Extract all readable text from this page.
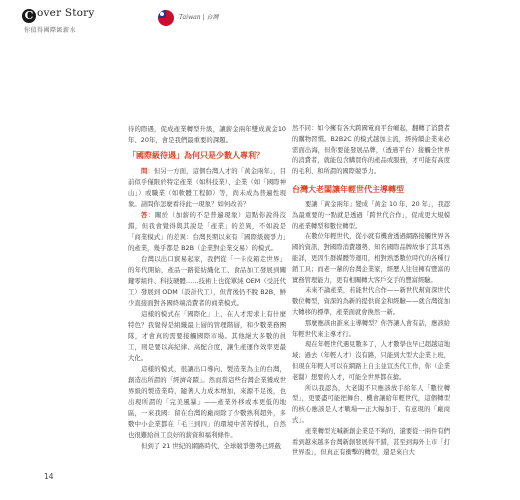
C over Story
你值得國際級薪水
Taiwan | 台灣

待的際遇，促成產業轉型升級，讓薪金兩年雙成黃金10年、20年，會是我們最重要的課題。

「國際級待遇」為何只是少數人專利？

問：但另一方面，這個台灣人才的「黃金兩年」，目前似乎僅限於特定產業（如科技業）、企業（如「國際神山」）或職業（如軟體工程師）等，尚未成為普遍性現象。請問你怎麼看待此一現象？如何改善？

答：關於（加薪的不是普遍現象）這點你說得沒錯，但我會覺得與其說是「產業」的差異，不如說是「商業模式」的差異：台灣長期以來有「國際級競爭力」的產業，幾乎都是 B2B（企業對企業交易）的模式。

台灣以出口貿易起家，我們從「一卡皮箱走世界」的年代開始，產品一路從紡織化工、食品加工發展到關鍵零組件、科技硬體……技術上也從單純 OEM（受託代工）發展到 ODM（設計代工），但背後仍不脫 B2B，鮮少直接面對各國終端消費者的商業模式。

這樣的模式在「國際化」上，在人才需求上有什麼特色？我覺得是組織最上層的管理階層，和少數業務團隊，才會真的需要接觸國際市場。其他絕大多數的員工，則是要以高紀律、高配合度，讓生產運作效率更最大化。

這樣的模式，很讓出口導向、製造業為主的台灣，創造出所謂的「經濟奇蹟」。然而當這些台灣企業獲成世界級的製造業時，隨著人力成本增加，來源不足後，也出現所謂的「完美風暴」——產業外移或本更低的地區，一來我國：留在台灣的廠商除了少數熟利超外，多數中小企業都在「毛三到四」的環境中苦苦撐扎，自然也很難給員工良好的薪資和福利條件。

但到了 21 世紀的網路時代，全球競爭態勢已經截

然不同：如今擁有各大跨國電商平台崛起，翻轉了消費者的購物習慣。B2B2C 的模式越加主流，經持續企業來必需面出海，但你要能發展品牌，（透過平台）接觸全世界的消費者，就能包含購買你的產品或服務，才可能有高度的毛利、和所謂的國際競爭力。

台灣大老闆讓年輕世代主導轉型

要讓「黃金兩年」變成「黃金 10 年、20 年」，我認為最重要的一點就是透過「跨世代合作」，促成更大規模的產業轉型和數位轉型。

在數位年輕世代，從小就有機會透過網路接觸世界各國的資訊，對國際消費趨勢、知名國際品牌故事了其耳熟能詳，更因生群媒體等運用，相對熟悉數位時代的各種行銷工具；而老一輩的台灣企業家，經歷人往往擁有豐富的實務管理能力，更有相關轉大客戶交手的豐富經驗。

未來不論產業，若能世代合作——新世代幫資深世代數位轉型，資深的為新的提供資金和經驗——就合灣從加大轉移的標準，產業面就會換然一新。

那麼應該由誰來主導轉型？你答讓人會有話，應該給年輕世代來主導才行。

現在年輕世代遇見數多了，人才數學也早已超越這地域；過去（年輕人才）沒有路，只能到大型大企業上班，但現在年輕人可以在網路上自主並宣杰代工作，你（企業老闆）想要的人才，可能全世界都在搶。

所以我認為，大老闆不只應該放手給年人「數位轉型」，更要盡可能把舞台、機會讓給年輕世代，這個轉型的核心應該是人才戰場──正大幅加于、有意現的「廠商式」。

產業轉型光喊新創企業是不夠的，還要從一兩件有們看到越來越多台灣新創發展得不錯，甚至到海外上市「打世界盃」，但真正有衝擊的轉型，還是來自大

14
